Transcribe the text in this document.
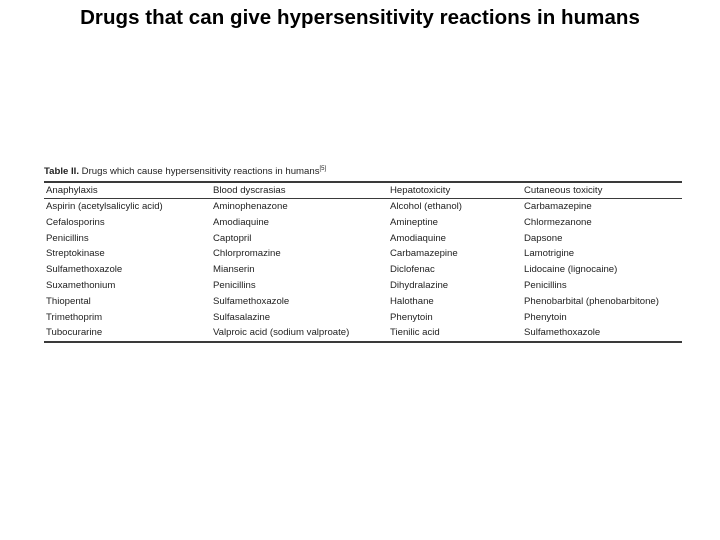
Drugs that can give hypersensitivity reactions in humans
Table II. Drugs which cause hypersensitivity reactions in humans[5]
Anaphylaxis	Blood dyscrasias	Hepatotoxicity	Cutaneous toxicity
Aspirin (acetylsalicylic acid)	Aminophenazone	Alcohol (ethanol)	Carbamazepine
Cefalosporins	Amodiaquine	Amineptine	Chlormezanone
Penicillins	Captopril	Amodiaquine	Dapsone
Streptokinase	Chlorpromazine	Carbamazepine	Lamotrigine
Sulfamethoxazole	Mianserin	Diclofenac	Lidocaine (lignocaine)
Suxamethonium	Penicillins	Dihydralazine	Penicillins
Thiopental	Sulfamethoxazole	Halothane	Phenobarbital (phenobarbitone)
Trimethoprim	Sulfasalazine	Phenytoin	Phenytoin
Tubocurarine	Valproic acid (sodium valproate)	Tienilic acid	Sulfamethoxazole
